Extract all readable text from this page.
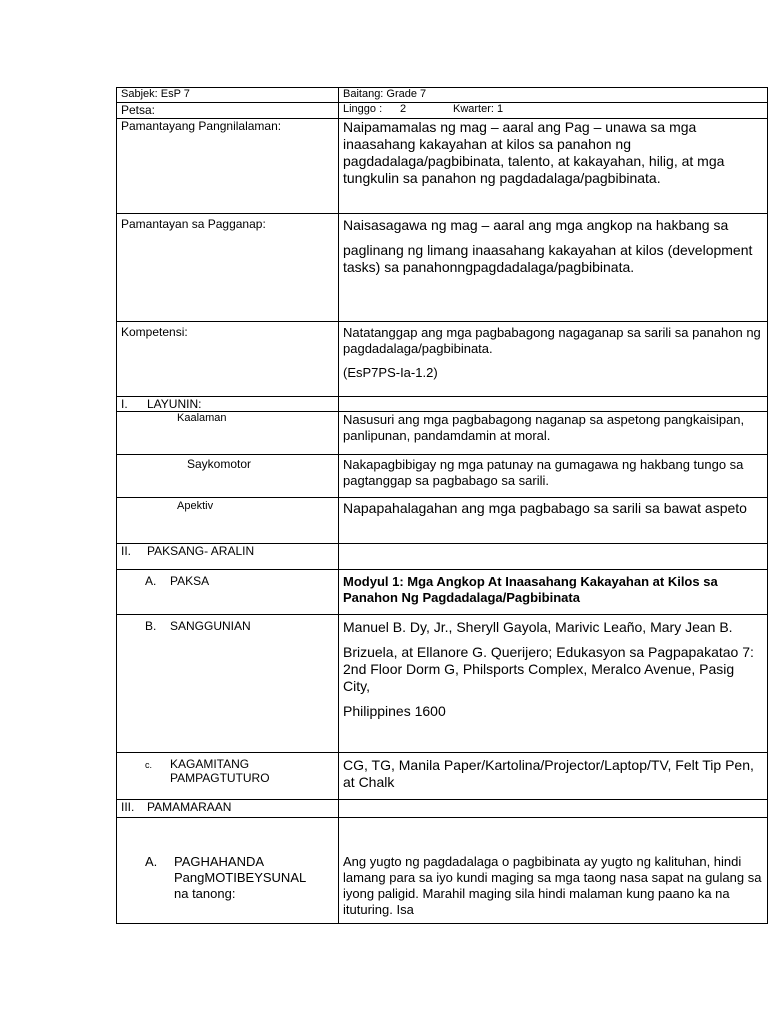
Sabjek: EsP 7	Baitang: Grade 7
Petsa:	Linggo : 2 Kwarter: 1
Pamantayang Pangnilalaman:	Naipamamalas ng mag – aaral ang Pag – unawa sa mga inaasahang kakayahan at kilos sa panahon ng pagdadalaga/pagbibinata, talento, at kakayahan, hilig, at mga tungkulin sa panahon ng pagdadalaga/pagbibinata.
Pamantayan sa Pagganap:	Naisasagawa ng mag – aaral ang mga angkop na hakbang sa

paglinang ng limang inaasahang kakayahan at kilos (development tasks) sa panahonngpagdadalaga/pagbibinata.

Kompetensi:	Natatanggap ang mga pagbabagong nagaganap sa sarili sa panahon ng pagdadalaga/pagbibinata.

(EsP7PS-Ia-1.2)

I. LAYUNIN:	
Kaalaman	Nasusuri ang mga pagbabagong naganap sa aspetong pangkaisipan, panlipunan, pandamdamin at moral.
Saykomotor	Nakapagbibigay ng mga patunay na gumagawa ng hakbang tungo sa pagtanggap sa pagbabago sa sarili.
Apektiv	Napapahalagahan ang mga pagbabago sa sarili sa bawat aspeto
II. PAKSANG- ARALIN	
A. PAKSA	Modyul 1: Mga Angkop At Inaasahang Kakayahan at Kilos sa Panahon Ng Pagdadalaga/Pagbibinata
B. SANGGUNIAN	Manuel B. Dy, Jr., Sheryll Gayola, Marivic Leaño, Mary Jean B.

Brizuela, at Ellanore G. Querijero; Edukasyon sa Pagpapakatao 7: 2nd Floor Dorm G, Philsports Complex, Meralco Avenue, Pasig City,

Philippines 1600

c. KAGAMITANG PAMPAGTUTURO	CG, TG, Manila Paper/Kartolina/Projector/Laptop/TV, Felt Tip Pen, at Chalk
III. PAMAMARAAN	

A. PAGHAHANDA PangMOTIBEYSUNAL na tanong:	Ang yugto ng pagdadalaga o pagbibinata ay yugto ng kalituhan, hindi lamang para sa iyo kundi maging sa mga taong nasa sapat na gulang sa iyong paligid. Marahil maging sila hindi malaman kung paano ka na ituturing. Isa
